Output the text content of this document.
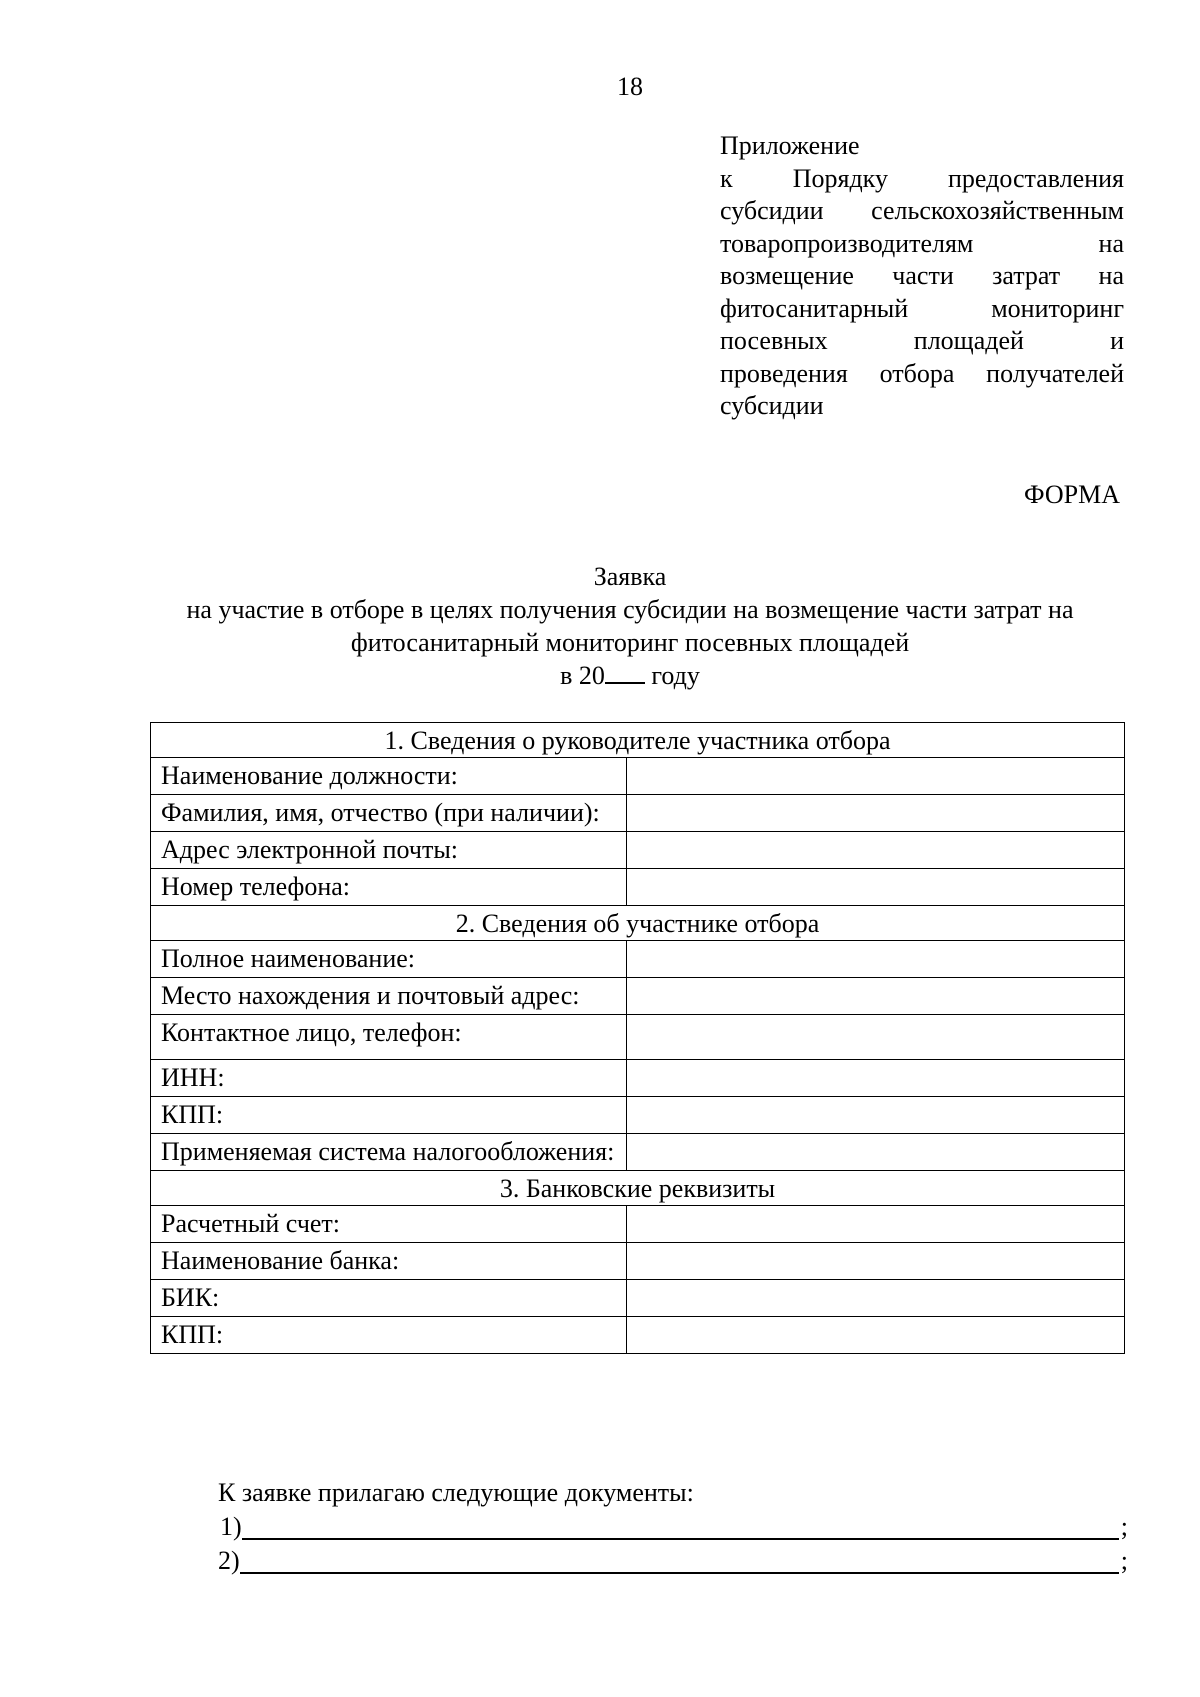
18
Приложение
к Порядку предоставления
субсидии сельскохозяйственным
товаропроизводителям на
возмещение части затрат на
фитосанитарный мониторинг
посевных площадей и
проведения отбора получателей
субсидии
ФОРМА
Заявка
на участие в отборе в целях получения субсидии на возмещение части затрат на
фитосанитарный мониторинг посевных площадей
в 20 году
1. Сведения о руководителе участника отбора	
Наименование должности:	
Фамилия, имя, отчество (при наличии):	
Адрес электронной почты:	
Номер телефона:	
2. Сведения об участнике отбора	
Полное наименование:	
Место нахождения и почтовый адрес:	
Контактное лицо, телефон:	
ИНН:	
КПП:	
Применяемая система налогообложения:	
3. Банковские реквизиты	
Расчетный счет:	
Наименование банка:	
БИК:	
КПП:	
К заявке прилагаю следующие документы:
1)	;
2)	;
